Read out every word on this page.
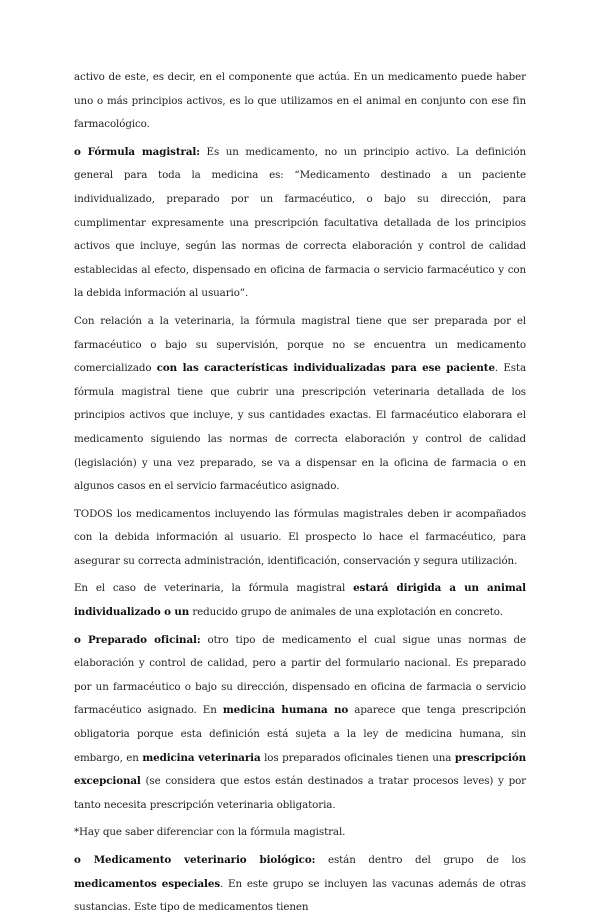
activo de este, es decir, en el componente que actúa. En un medicamento puede haber uno o más principios activos, es lo que utilizamos en el animal en conjunto con ese fin farmacológico.

o Fórmula magistral: Es un medicamento, no un principio activo. La definición general para toda la medicina es: “Medicamento destinado a un paciente individualizado, preparado por un farmacéutico, o bajo su dirección, para cumplimentar expresamente una prescripción facultativa detallada de los principios activos que incluye, según las normas de correcta elaboración y control de calidad establecidas al efecto, dispensado en oficina de farmacia o servicio farmacéutico y con la debida información al usuario”.

Con relación a la veterinaria, la fórmula magistral tiene que ser preparada por el farmacéutico o bajo su supervisión, porque no se encuentra un medicamento comercializado con las características individualizadas para ese paciente. Esta fórmula magistral tiene que cubrir una prescripción veterinaria detallada de los principios activos que incluye, y sus cantidades exactas. El farmacéutico elaborara el medicamento siguiendo las normas de correcta elaboración y control de calidad (legislación) y una vez preparado, se va a dispensar en la oficina de farmacia o en algunos casos en el servicio farmacéutico asignado.

TODOS los medicamentos incluyendo las fórmulas magistrales deben ir acompañados con la debida información al usuario. El prospecto lo hace el farmacéutico, para asegurar su correcta administración, identificación, conservación y segura utilización.

En el caso de veterinaria, la fórmula magistral estará dirigida a un animal individualizado o un reducido grupo de animales de una explotación en concreto.

o Preparado oficinal: otro tipo de medicamento el cual sigue unas normas de elaboración y control de calidad, pero a partir del formulario nacional. Es preparado por un farmacéutico o bajo su dirección, dispensado en oficina de farmacia o servicio farmacéutico asignado. En medicina humana no aparece que tenga prescripción obligatoria porque esta definición está sujeta a la ley de medicina humana, sin embargo, en medicina veterinaria los preparados oficinales tienen una prescripción excepcional (se considera que estos están destinados a tratar procesos leves) y por tanto necesita prescripción veterinaria obligatoria.

*Hay que saber diferenciar con la fórmula magistral.

o Medicamento veterinario biológico: están dentro del grupo de los medicamentos especiales. En este grupo se incluyen las vacunas además de otras sustancias. Este tipo de medicamentos tienen
